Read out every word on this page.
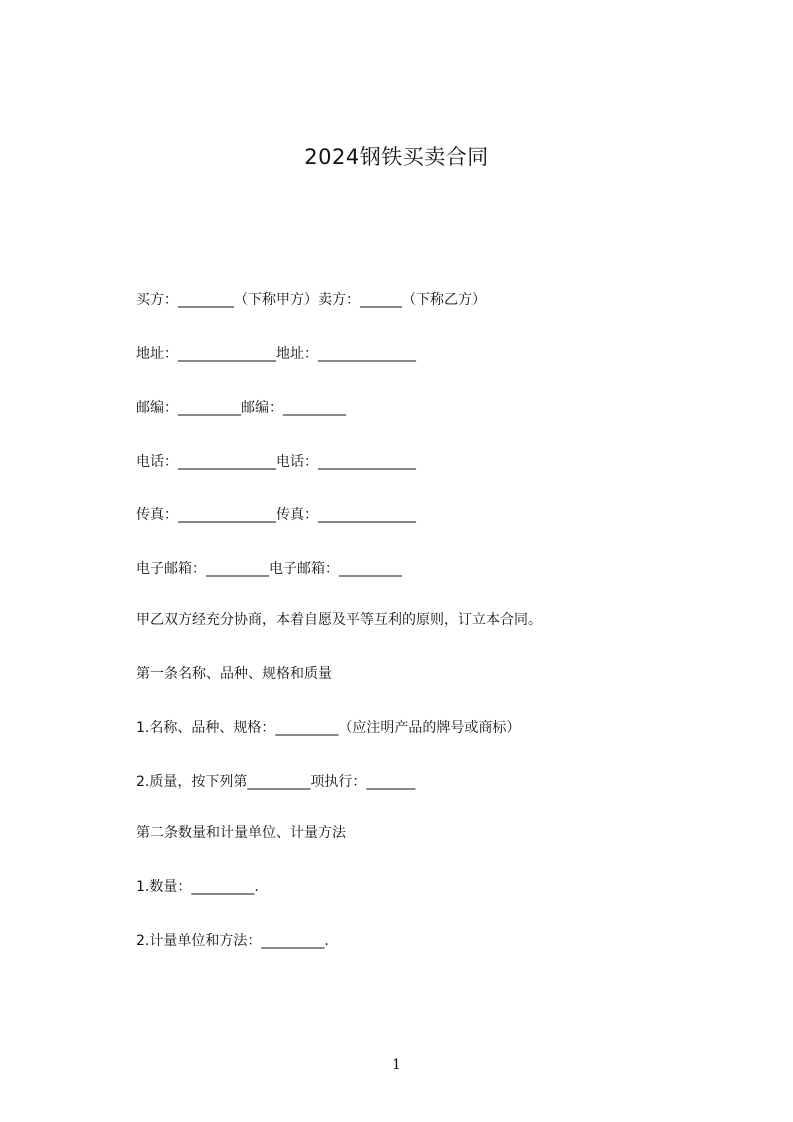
2024钢铁买卖合同
买方：________（下称甲方）卖方：______（下称乙方）
地址：______________地址：______________
邮编：_________邮编：_________
电话：______________电话：______________
传真：______________传真：______________
电子邮箱：_________电子邮箱：_________
甲乙双方经充分协商，本着自愿及平等互利的原则，订立本合同。
第一条名称、品种、规格和质量
1.名称、品种、规格：_________（应注明产品的牌号或商标）
2.质量，按下列第_________项执行：_______
第二条数量和计量单位、计量方法
1.数量：_________.
2.计量单位和方法：_________.
1
